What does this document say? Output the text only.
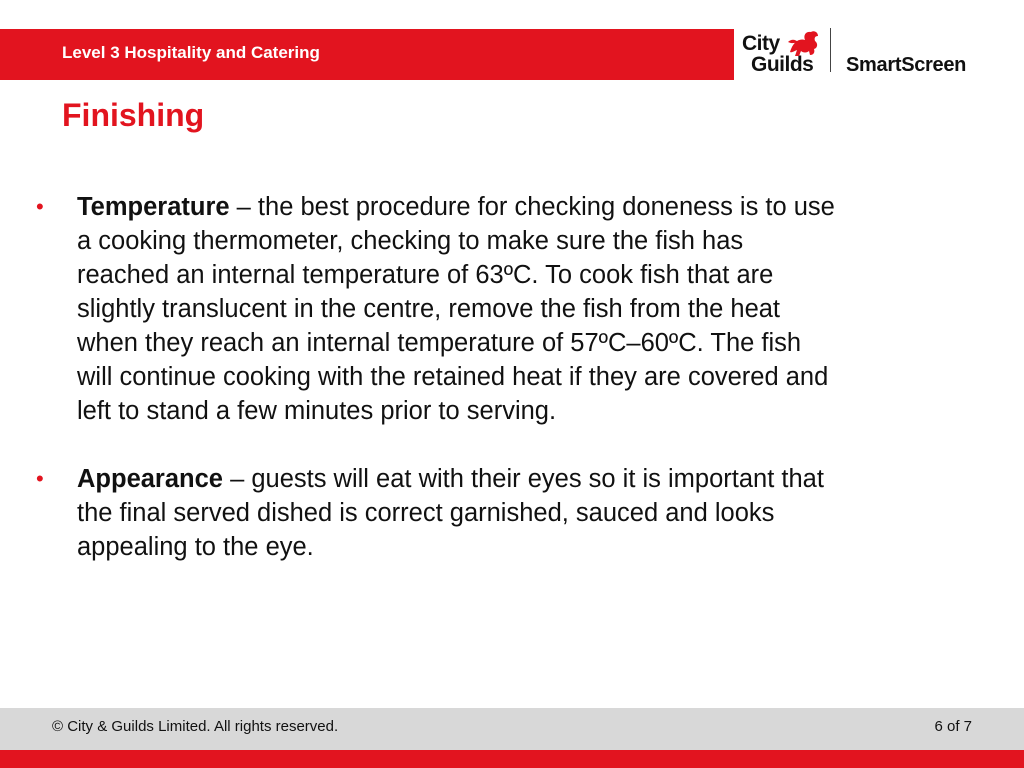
Level 3 Hospitality and Catering	City
Guilds SmartScreen
Finishing
• Temperature – the best procedure for checking doneness is to use a cooking thermometer, checking to make sure the fish has reached an internal temperature of 63ºC. To cook fish that are slightly translucent in the centre, remove the fish from the heat when they reach an internal temperature of 57ºC–60ºC. The fish will continue cooking with the retained heat if they are covered and left to stand a few minutes prior to serving.
• Appearance – guests will eat with their eyes so it is important that the final served dished is correct garnished, sauced and looks appealing to the eye.
© City & Guilds Limited. All rights reserved.	6 of 7
